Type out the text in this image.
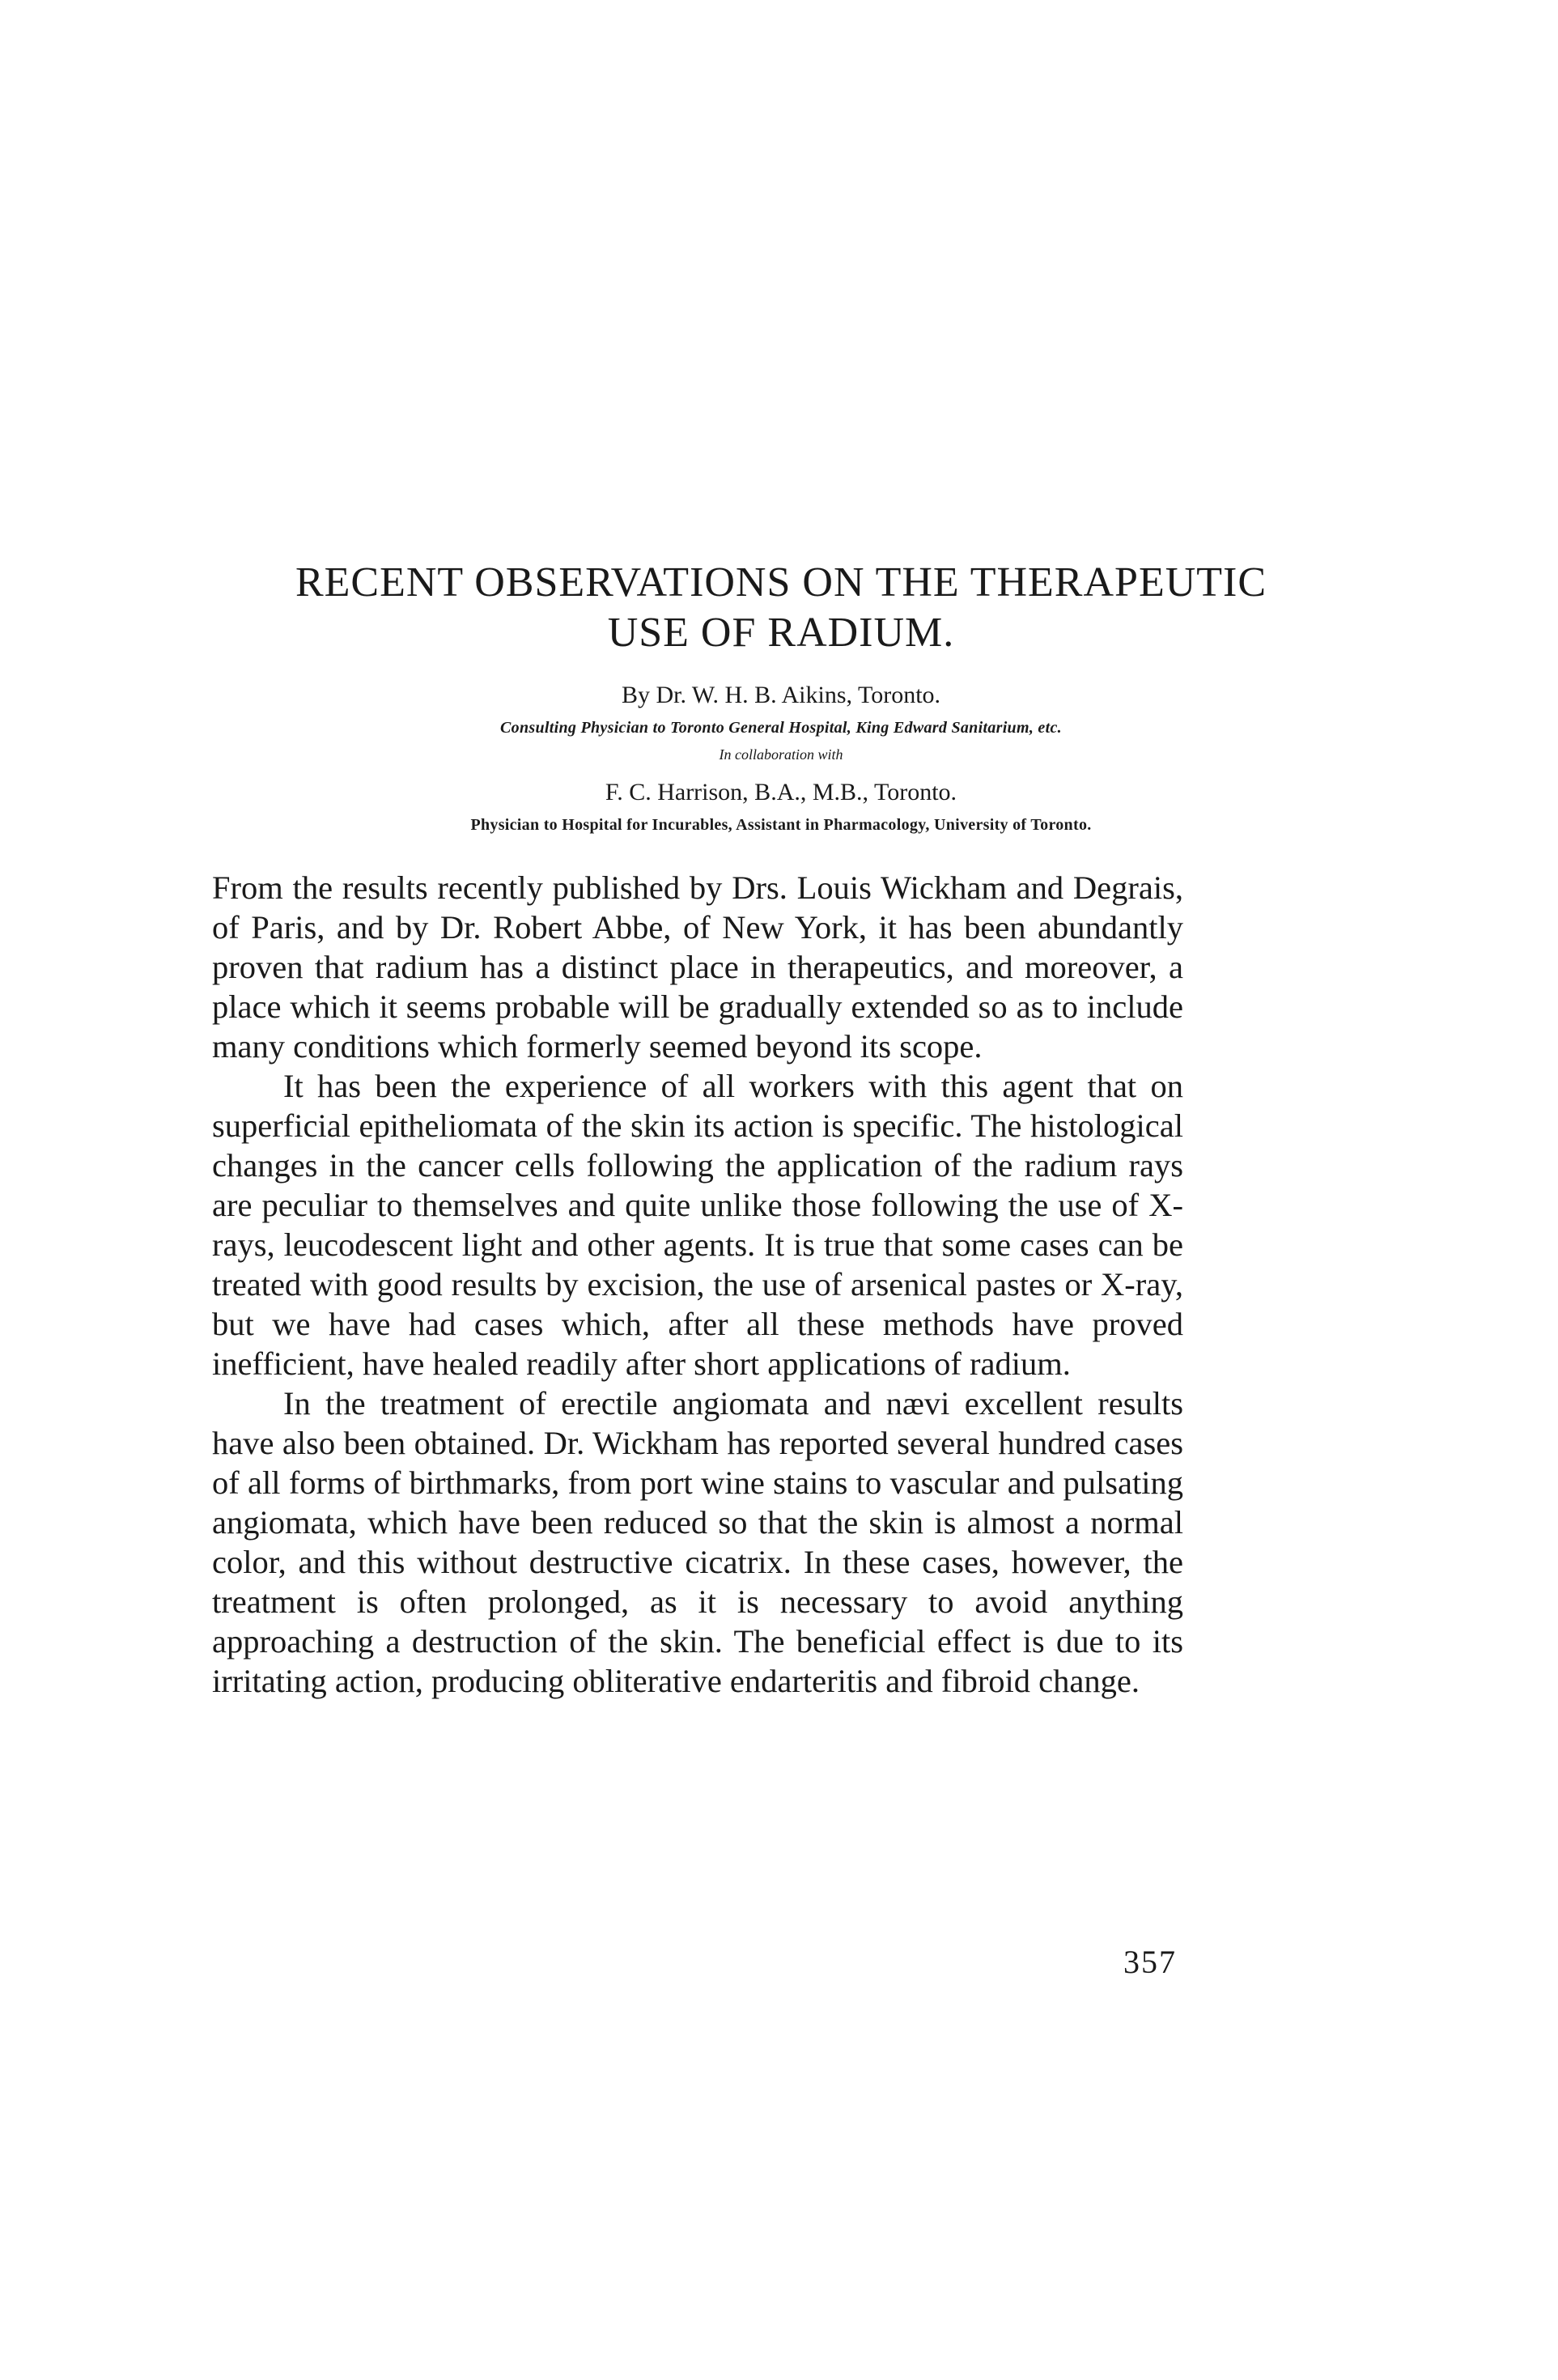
RECENT OBSERVATIONS ON THE THERAPEUTIC
USE OF RADIUM.

By Dr. W. H. B. Aikins, Toronto.

Consulting Physician to Toronto General Hospital, King Edward Sanitarium, etc.

In collaboration with

F. C. Harrison, B.A., M.B., Toronto.

Physician to Hospital for Incurables, Assistant in Pharmacology, University of Toronto.

From the results recently published by Drs. Louis Wickham and Degrais, of Paris, and by Dr. Robert Abbe, of New York, it has been abundantly proven that radium has a distinct place in therapeutics, and moreover, a place which it seems probable will be gradually extended so as to include many conditions which formerly seemed beyond its scope.

It has been the experience of all workers with this agent that on superficial epitheliomata of the skin its action is specific. The histological changes in the cancer cells following the application of the radium rays are peculiar to themselves and quite unlike those following the use of X-rays, leucodescent light and other agents. It is true that some cases can be treated with good results by excision, the use of arsenical pastes or X-ray, but we have had cases which, after all these methods have proved inefficient, have healed readily after short applications of radium.

In the treatment of erectile angiomata and nævi excellent results have also been obtained. Dr. Wickham has reported several hundred cases of all forms of birthmarks, from port wine stains to vascular and pulsating angiomata, which have been reduced so that the skin is almost a normal color, and this without destructive cicatrix. In these cases, however, the treatment is often prolonged, as it is necessary to avoid anything approaching a destruction of the skin. The beneficial effect is due to its irritating action, producing obliterative endarteritis and fibroid change.

357
